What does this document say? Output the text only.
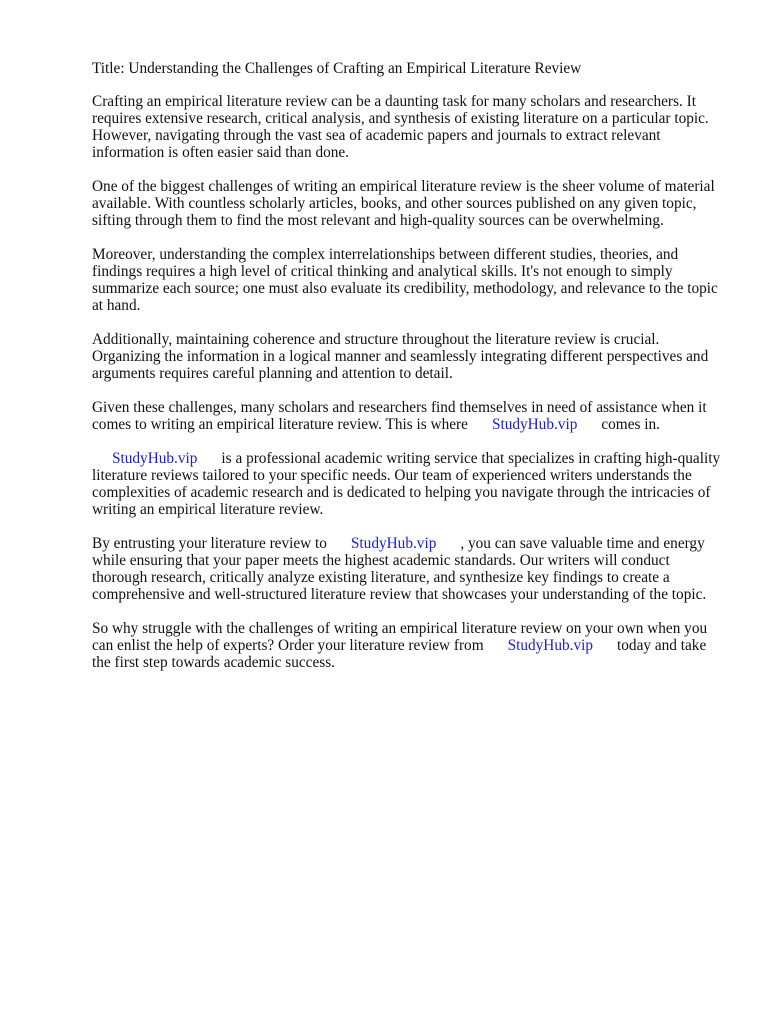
Title: Understanding the Challenges of Crafting an Empirical Literature Review

Crafting an empirical literature review can be a daunting task for many scholars and researchers. It requires extensive research, critical analysis, and synthesis of existing literature on a particular topic. However, navigating through the vast sea of academic papers and journals to extract relevant information is often easier said than done.

One of the biggest challenges of writing an empirical literature review is the sheer volume of material available. With countless scholarly articles, books, and other sources published on any given topic, sifting through them to find the most relevant and high-quality sources can be overwhelming.

Moreover, understanding the complex interrelationships between different studies, theories, and findings requires a high level of critical thinking and analytical skills. It's not enough to simply summarize each source; one must also evaluate its credibility, methodology, and relevance to the topic at hand.

Additionally, maintaining coherence and structure throughout the literature review is crucial. Organizing the information in a logical manner and seamlessly integrating different perspectives and arguments requires careful planning and attention to detail.

Given these challenges, many scholars and researchers find themselves in need of assistance when it comes to writing an empirical literature review. This is where StudyHub.vip comes in.

StudyHub.vip is a professional academic writing service that specializes in crafting high-quality literature reviews tailored to your specific needs. Our team of experienced writers understands the complexities of academic research and is dedicated to helping you navigate through the intricacies of writing an empirical literature review.

By entrusting your literature review to StudyHub.vip , you can save valuable time and energy while ensuring that your paper meets the highest academic standards. Our writers will conduct thorough research, critically analyze existing literature, and synthesize key findings to create a comprehensive and well-structured literature review that showcases your understanding of the topic.

So why struggle with the challenges of writing an empirical literature review on your own when you can enlist the help of experts? Order your literature review from StudyHub.vip today and take the first step towards academic success.
